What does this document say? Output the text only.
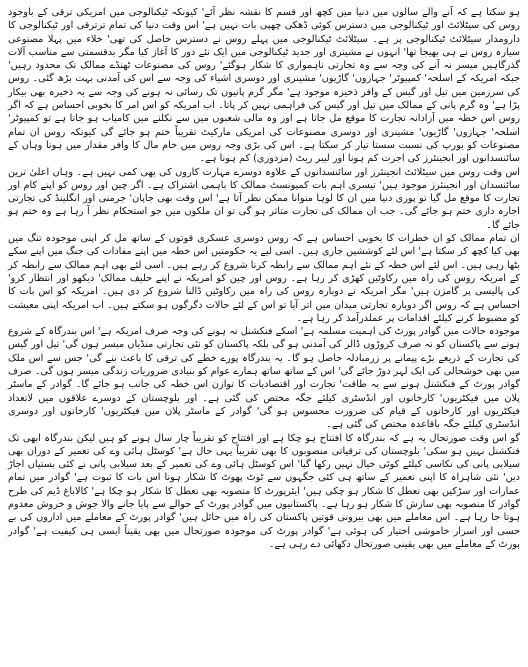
ہو سکتا ہے کہ آنے والے سالوں میں دنیا میں کچھ اور قسم کا نقشہ نظر آئے' کیونکہ ٹیکنالوجی میں امریکی ترقی کے باوجود روس کی سیٹلائٹ اور ٹیکنالوجی میں دسترس کوئی ڈھکی چھپی بات نہیں ہے' اس وقت دنیا کی تمام ترترقی اور ٹیکنالوجی کا دارومدار سیٹلائٹ ٹیکنالوجی پر ہے۔ سیٹلائٹ ٹیکنالوجی میں پہلے روس نے دسترس حاصل کی تھی' خلاء میں پہلا مصنوعی سیارہ روس نے ہی بھیجا تھا' انہوں نے مشینری اور جدید ٹیکنالوجی میں ایک نئے دور کا آغاز کیا مگر بدقسمتی سے مناسب آلات گذرگاہیں میسر نہ آنے کی وجہ سے وہ تجارتی ناہمواری کا شکار ہوگئے' روس کی مصنوعات ٹھنڈے ممالک تک محدود رہیں' جبکہ امریکہ کے اسلحہ' کمپیوٹر' جہازوں' گاڑیوں' مشینری اور دوسری اشیاء کی وجہ سے اس کی آمدنی بہت بڑھ گئی۔ روس کی سرزمین میں تیل اور گیس کے وافر ذخیرہ موجود ہے' مگر گرم پانیوں تک رسائی نہ ہونے کی وجہ سے یہ ذخیرہ بھی بیکار پڑا ہے' وہ گرم پانی کے ممالک میں تیل اور گیس کی فراہمی نہیں کر پاتا۔ اب امریکہ کو اس امر کا بخوبی احساس ہے کہ اگر روس اس خطہ میں آزادانہ تجارت کا موقع مل جاتا ہے اور وہ مالی شعبوں میں سے نکلنے میں کامیاب ہو جاتا ہے تو کمپیوٹر' اسلحہ' جہازوں' گاڑیوں' مشینری اور دوسری مصنوعات کی امریکی مارکیٹ تقریباً ختم ہو جائے گی کیونکہ روس ان تمام مصنوعات کو یورپ کی نسبت سستا تیار کر سکتا ہے۔ اس کی بڑی وجہ روس میں خام مال کا وافر مقدار میں ہونا وہاں کے سائنسدانوں اور انجینئرز کی اجرت کم ہونا اور لیبر ریٹ (مزدوری) کم ہونا ہے۔

اس وقت روس میں سیٹلائٹ انجینئرز اور سائنسدانوں کے علاوہ دوسرے مہارت کاروں کی بھی کمی نہیں ہے۔ وہاں اعلیٰ ترین سائنسدان اور انجینئرز موجود ہیں' تیسری اہم بات کمیونسٹ ممالک کا باہمی اشتراک ہے۔ اگر چین اور روس کو اپنے کام اور تجارت کا موقع مل گیا تو پوری دنیا میں ان کا لوہا منوانا ممکن نظر آتا ہے' اس وقت بھی جاپان' جرمنی اور انگلینڈ کی تجارتی اجارہ داری ختم ہو جائے گی۔ جب ان ممالک کی تجارت متاثر ہو گی تو ان ملکوں میں جو استحکام نظر آ رہا ہے وہ ختم ہو جائے گا۔

ان تمام ممالک کو ان خطرات کا بخوبی احساس ہے کہ روس دوسری عسکری قوتوں کے ساتھ مل کر اپنی موجودہ تنگ میں بھی کیا کچھ کر سکتا ہے' اس لئے کوششیں جاری ہیں۔ اسی لیے یہ حکومتیں اس خطہ میں اپنے مفادات کی جنگ میں اپنے سکے بٹھا رہی ہیں۔ اس لئے اس خطہ کے نئے اہم ممالک سے رابطہ کرنا شروع کر رہے ہیں۔ اسی لئے بھی اہم ممالک سے رابطہ کر کے امریکہ روس کی راہ میں رکاوٹیں کھڑی کر رہا ہے۔ روس اور چین کو امریکہ نے اپنے حلیف ممالک' دیکھو اور انتظار کرو' کی پالیسی پر گامزن ہیں' مگر امریکہ نے دوبارہ روس کی راہ میں رکاوٹیں ڈالنا شروع کر دی ہیں۔ امریکہ کو اس بات کا احساس ہے کہ روس اگر دوبارہ تجارتی میدان میں اتر آیا تو اس کے لئے حالات دگرگوں ہو سکتے ہیں۔ اب امریکہ اپنی معیشت کو مضبوط کرنے کیلئے اقدامات پر عملدرآمد کر رہا ہے۔

موجودہ حالات میں گوادر پورٹ کی اہمیت مسلمہ ہے' اسکے فنکشنل نہ ہونے کی وجہ صرف امریکہ ہے' اس بندرگاہ کے شروع ہونے سے پاکستان کو نہ صرف کروڑوں ڈالر کی آمدنی ہو گی بلکہ پاکستان کو نئی تجارتی منڈیاں میسر ہوں گی' تیل اور گیس کی تجارت کے ذریعے بڑے پیمانے پر زرمبادلہ حاصل ہو گا۔ یہ بندرگاہ پورے خطے کی ترقی کا باعث بنے گی' جس سے اس ملک میں بھی خوشحالی کی ایک لہر دوڑ جائے گی' اس کے ساتھ ساتھ ہمارے عوام کو بنیادی ضروریات زندگی میسر ہوں گی۔ صرف گوادر پورٹ کے فنکشنل ہونے سے یہ طاقت' تجارت اور اقتصادیات کا توازن اس خطہ کی جانب ہو جائے گا۔ گوادر کے ماسٹر پلان میں فیکٹریوں' کارخانوں اور انڈسٹری کیلئے جگہ مختص کی گئی ہے۔ اور بلوچستان کے دوسرے علاقوں میں لاتعداد فیکٹریوں اور کارخانوں کے قیام کی ضرورت محسوس ہو گی' گوادر کے ماسٹر پلان میں فیکٹریوں' کارخانوں اور دوسری انڈسٹری کیلئے جگہ باقاعدہ مختص کی گئی ہے۔

گو اس وقت صورتحال یہ ہے کہ بندرگاہ کا افتتاح ہو چکا ہے اور افتتاح کو تقریباً چار سال ہونے کو ہیں لیکن بندرگاہ ابھی تک فنکشنل نہیں ہو سکی' بلوچستان کی ترقیاتی منصوبوں کا بھی تقریباً یہی حال ہے' کوسٹل ہائی وے کی تعمیر کے دوران بھی سیلابی پانی کی نکاسی کیلئے کوئی خیال نہیں رکھا گیا' اس کوسٹل ہائی وے کی تعمیر کے بعد سیلابی پانی نے کئی بستیاں اجاڑ دیں' نئی شاہراہ کا اپنی تعمیر کے ساتھ ہی کئی جگہوں سے ٹوٹ پھوٹ کا شکار ہونا اس بات کا ثبوت ہے' گوادر میں تمام عمارات اور سڑکیں بھی تعطل کا شکار ہو چکی ہیں' ایئرپورٹ کا منصوبہ بھی تعطل کا شکار ہو چکا ہے' کالاباغ ڈیم کی طرح گوادر کا منصوبہ بھی سازش کا شکار ہو رہا ہے۔ پاکستانیوں میں گوادر پورٹ کے حوالے سے پایا جانے والا جوش و خروش معدوم ہوتا جا رہا ہے۔ اس معاملے میں بھی بیرونی قوتیں پاکستان کی راہ میں حائل ہیں' گوادر پورٹ کے معاملے میں اداروں کی بے حسی اور اسرار خاموشی اختیار کی ہوئی ہے' گوادر پورٹ کی موجودہ صورتحال میں بھی یقیناً ایسی ہی کیفیت ہے' گوادر پورٹ کے معاملے میں بھی یقینی صورتحال دکھائی دے رہی ہے۔
